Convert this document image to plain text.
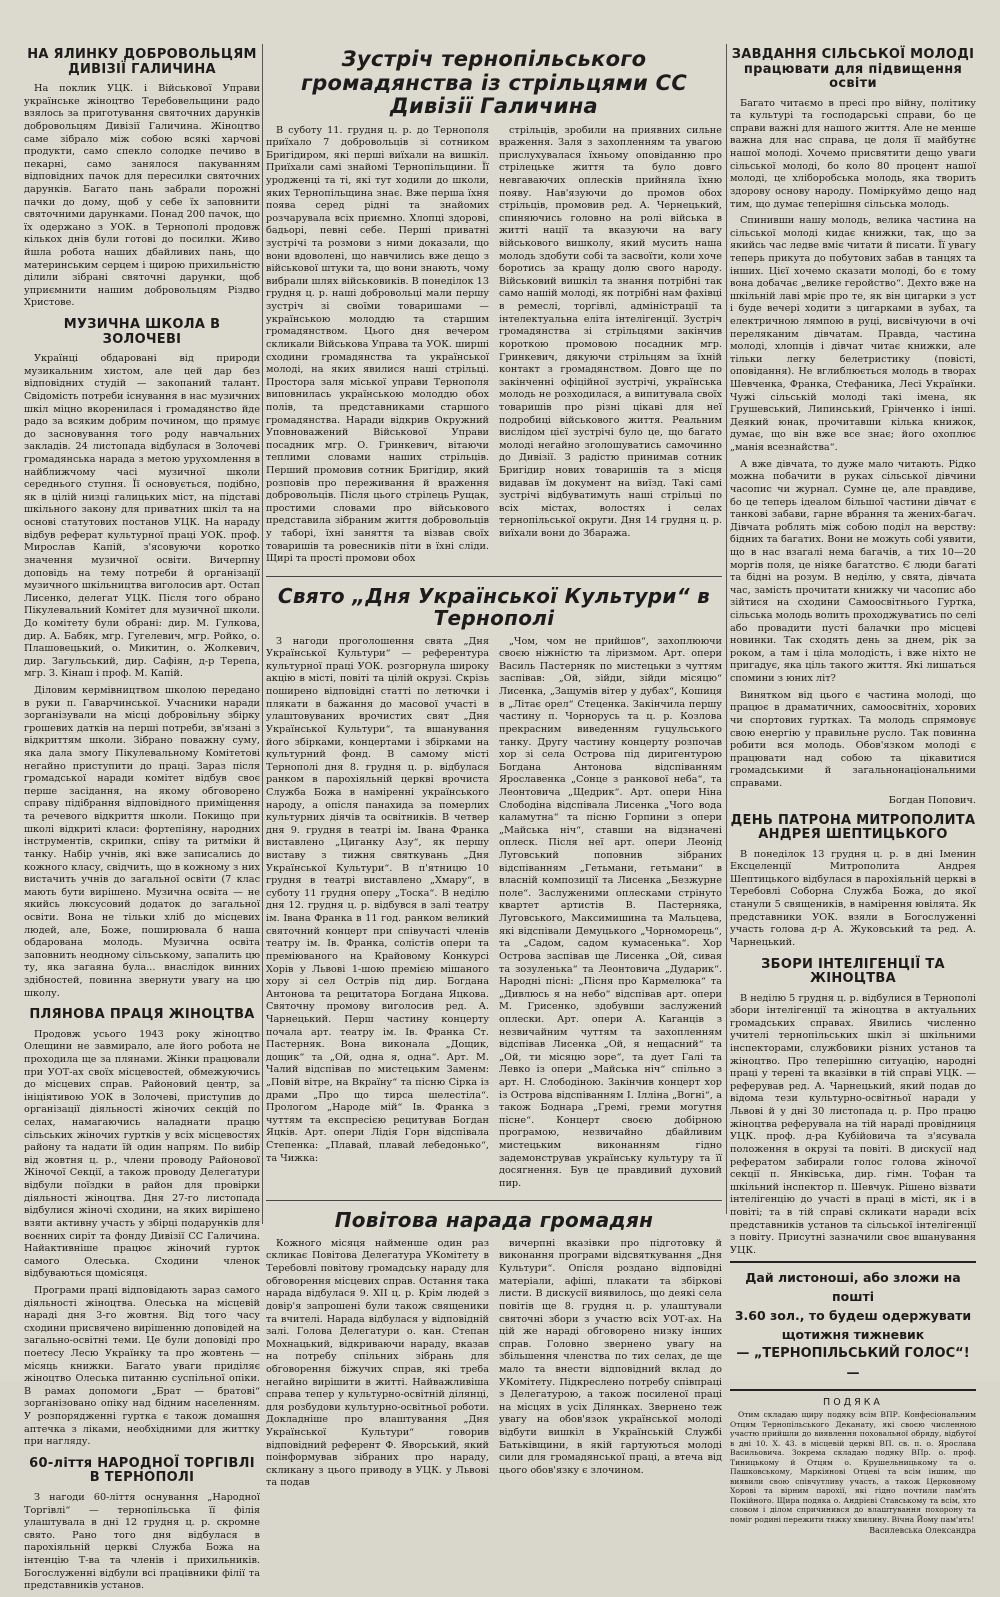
НА ЯЛИНКУ ДОБРОВОЛЬЦЯМ ДИВІЗІЇ ГАЛИЧИНА

На поклик УЦК. і Військової Управи українське жіноцтво Теребовельщини радо взялось за приготування святочних дарунків добровольцям Дивізії Галичина. Жіноцтво саме зібрало між собою всякі харчові продукти, само спекло солодке печиво в пекарні, само занялося пакуванням відповідних пачок для пересилки святочних дарунків. Багато пань забрали порожні пачки до дому, щоб у себе їх заповнити святочними дарунками. Понад 200 пачок, що їх одержано з УОК. в Тернополі продовж кількох днів були готові до посилки. Живо йшла робота наших дбайливих пань, що материнським серцем і щирою прихильністю ділили зібрані святочні дарунки, щоб уприємнити нашим добровольцям Різдво Христове.

МУЗИЧНА ШКОЛА В ЗОЛОЧЕВІ

Українці обдаровані від природи музикальним хистом, але цей дар без відповідних студій — закопаний талант. Свідомість потреби існування в нас музичних шкіл міцно вкоренилася і громадянство йде радо за всяким добрим почином, що прямує до засновування того роду навчальних закладів. 24 листопада відбулася в Золочеві громадянська нарада з метою урухомлення в найближчому часі музичної школи середнього ступня. Її основується, подібно, як в цілій низці галицьких міст, на підставі шкільного закону для приватних шкіл та на основі статутових постанов УЦК. На нараду відбув реферат культурної праці УОК. проф. Мирослав Капій, з'ясовуючи коротко значення музичної освіти. Вичерпну доповідь на тему потреби й організації музичного шкільництва виголосив арт. Остап Лисенко, делегат УЦК. Після того обрано Пікулевальний Комітет для музичної школи. До комітету були обрані: дир. М. Гулкова, дир. А. Бабяк, мгр. Гугелевич, мгр. Ройко, о. Плашовецький, о. Микитин, о. Жолкевич, дир. Загульський, дир. Сафіян, д-р Терепа, мгр. З. Кінаш і проф. М. Капій.

Діловим кермівництвом школою передано в руки п. Гаварчинської. Учасники наради зорганізували на місці добровільну збірку грошевих датків на перші потреби, зв'язані з відкриттям школи. Зібрано поважну суму, яка дала змогу Пікулевальному Комітетові негайно приступити до праці. Зараз після громадської наради комітет відбув своє перше засідання, на якому обговорено справу підібрання відповідного приміщення та речевого відкриття школи. Покищо при школі відкриті класи: фортепіяну, народних інструментів, скрипки, співу та ритміки й танку. Набір учнів, які вже записались до кожного класу, свідчить, що в кожному з них вистачить учнів до загальної освіти (7 клас мають бути вирішено. Музична освіта — не якийсь люксусовий додаток до загальної освіти. Вона не тільки хліб до місцевих людей, але, Боже, поширювала б наша обдарована молодь. Музична освіта заповнить неодному сільському, запалить цю ту, яка загаяна була... внаслідок винних здібностей, повинна звернути увагу на цю школу.

ПЛЯНОВА ПРАЦЯ ЖІНОЦТВА

Продовж усього 1943 року жіноцтво Олещини не завмирало, але його робота не проходила ще за плянами. Жінки працювали при УОТ-ах своїх місцевостей, обмежуючись до місцевих справ. Районовий центр, за ініціятивою УОК в Золочеві, приступив до організації діяльності жіночих секцій по селах, намагаючись наладнати працю сільських жіночих гуртків у всіх місцевостях району та надати їй один напрям. По вибір від жовтня ц. р., члени проводу Районової Жіночої Секції, а також проводу Делегатури відбули поїздки в район для провірки діяльності жіноцтва. Дня 27-го листопада відбулися жіночі сходини, на яких вирішено взяти активну участь у збірці подарунків для воєнних сиріт та фонду Дивізії СС Галичина. Найактивніше працює жіночий гурток самого Олеська. Сходини членок відбуваються щомісяця.

Програми праці відповідають зараз самого діяльності жіноцтва. Олеська на місцевій нараді дня 3-го жовтня. Від того часу сходини присвячено вирішенню доповідей на загально-освітні теми. Це були доповіді про поетесу Лесю Українку та про жовтень — місяць книжки. Багато уваги приділяє жіноцтво Олеська питанню суспільної опіки. В рамах допомоги „Брат — братові“ зорганізовано опіку над бідним населенням. У розпорядженні гуртка є також домашня аптечка з ліками, необхідними для життку при нагляду.

60-ліття НАРОДНОЇ ТОРГІВЛІ В ТЕРНОПОЛІ

З нагоди 60-ліття оснування „Народної Торгівлі“ — тернопільська її філія улаштувала в дні 12 грудня ц. р. скромне свято. Рано того дня відбулася в парохіяльній церкві Служба Божа на інтенцію Т-ва та членів і прихильників. Богослуженні відбули всі працівники філії та представників установ.

Зустріч тернопільського громадянства із стрільцями СС Дивізії Галичина

В суботу 11. грудня ц. р. до Тернополя приїхало 7 добровольців зі сотником Бригідиром, які перші виїхали на вишкіл. Приїхали самі знайомі Тернопільщини. Її уродженці та ті, які тут ходили до школи, яких Тернопільщина знає. Вже перша їхня поява серед рідні та знайомих розчарувала всіх приємно. Хлопці здорові, бадьорі, певні себе. Перші приватні зустрічі та розмови з ними доказали, що вони вдоволені, що навчились вже дещо з військової штуки та, що вони знають, чому вибрали шлях військовиків. В понеділок 13 грудня ц. р. наші добровольці мали першу зустріч зі своїми товаришами — українською молоддю та старшим громадянством. Цього дня вечером скликали Військова Управа та УОК. ширші сходини громадянства та української молоді, на яких явилися наші стрільці. Простора заля міської управи Тернополя виповнилась українською молоддю обох полів, та представниками старшого громадянства. Наради відкрив Окружний Уповноважений Військової Управи посадник мгр. О. Гринкевич, вітаючи теплими словами наших стрільців. Перший промовив сотник Бригідир, який розповів про переживання й враження добровольців. Після цього стрілець Рущак, простими словами про військового представила зібраним життя добровольців у таборі, їхні заняття та візвав своїх товаришів та ровесників піти в їхні сліди. Щирі та прості промови обох

стрільців, зробили на приявних сильне враження. Заля з захопленням та увагою прислухувалася їхньому оповіданню про стрілецьке життя та було довго невгаваючих оплесків прийняла їхню появу. Нав'язуючи до промов обох стрільців, промовив ред. А. Чернецький, спиняючись головно на ролі війська в житті нації та вказуючи на вагу військового вишколу, який мусить наша молодь здобути собі та засвоїти, коли хоче боротись за кращу долю свого народу. Військовий вишкіл та знання потрібні так само нашій молоді, як потрібні нам фахівці в ремеслі, торгівлі, адміністрації та інтелектуальна еліта інтелігенції. Зустріч громадянства зі стрільцями закінчив короткою промовою посадник мгр. Гринкевич, дякуючи стрільцям за їхній контакт з громадянством. Довго ще по закінченні офіційної зустрічі, українська молодь не розходилася, а випитувала своїх товаришів про різні цікаві для неї подробиці військового життя. Реальним вислідом цієї зустрічі було це, що багато молоді негайно зголошуватись самочинно до Дивізії. З радістю принимав сотник Бригідир нових товаришів та з місця видавав їм документ на виїзд. Такі самі зустрічі відбуватимуть наші стрільці по всіх містах, волостях і селах тернопільської округи. Дня 14 грудня ц. р. виїхали вони до Збаража.

Свято „Дня Української Культури“ в Тернополі

З нагоди проголошення свята „Дня Української Культури“ — референтура культурної праці УОК. розгорнула широку акцію в місті, повіті та цілій окрузі. Скрізь поширено відповідні статті по летючки і плякати в бажання до масової участі в улаштовуваних врочистих свят „Дня Української Культури“, та вшанування його збірками, концертами і збірками на культурний фонд. В самому місті Тернополі дня 8. грудня ц. р. відбулася ранком в парохіяльній церкві врочиста Служба Божа в наміренні українського народу, а опісля панахида за померлих культурних діячів та освітників. В четвер дня 9. грудня в театрі ім. Івана Франка виставлено „Циганку Азу“, як першу виставу з тижня святкувань „Дня Української Культури“. В п'ятницю 10 грудня в театрі виставлено „Хмару“, в суботу 11 грудня оперу „Тоска“. В неділю дня 12. грудня ц. р. відбувся в залі театру ім. Івана Франка в 11 год. ранком великий святочний концерт при співучасті членів театру ім. Ів. Франка, солістів опери та преміюваного на Крайовому Конкурсі Хорів у Львові 1-шою премією мішаного хору зі сел Острів під дир. Богдана Антонова та рецитатора Богдана Яцкова. Святочну промову виголосив ред. А. Чарнецький. Перш частину концерту почала арт. театру ім. Ів. Франка Ст. Пастерняк. Вона виконала „Дощик, дощик“ та „Ой, одна я, одна“. Арт. М. Чалий відспівав по мистецьким Заменм: „Повій вітре, на Вкраїну“ та пісню Сірка із драми „Про що тирса шелестіла“. Прологом „Народе мій“ Ів. Франка з чуттям та експресією рецитував Богдан Яцків. Арт. опери Лідія Горн відспівала Степенка: „Плавай, плавай лебедонько“, та Чижка:

„Чом, чом не прийшов“, захоплюючи своєю ніжністю та ліризмом. Арт. опери Василь Пастерняк по мистецьки з чуттям заспівав: „Ой, зійди, зійди місяцю“ Лисенка, „Защумів вітер у дубах“, Кошиця в „Літає орел“ Стеценка. Закінчила першу частину п. Чорнорусь та ц. р. Козлова прекрасним виведенням гуцульського танку. Другу частину концерту розпочав хор зі села Острова під диригентурою Богдана Антонова відспіванням Ярославенка „Сонце з ранкової неба“, та Леонтовича „Щедрик“. Арт. опери Ніна Слободіна відспівала Лисенка „Чого вода каламутна“ та пісню Горпини з опери „Майська ніч“, ставши на відзначені оплеск. Після неї арт. опери Леонід Луговський поповнив зібраних відспіванням „Гетьмани, гетьмани“ в власній композиції та Лисенка „Безжурне поле“. Заслуженими оплесками стрінуто квартет артистів В. Пастерняка, Луговського, Максимишина та Мальцева, які відспівали Демуцького „Чорноморець“, та „Садом, садом кумасенька“. Хор Острова заспівав ще Лисенка „Ой, сивая та зозуленька“ та Леонтовича „Дударик“. Народні пісні: „Пісня про Кармелюка“ та „Дивлюсь я на небо“ відспівав арт. опери М. Грисенко, здобувши заслужений оплески. Арт. опери А. Каганців з незвичайним чуттям та захопленням відспівав Лисенка „Ой, я нещасний“ та „Ой, ти місяцю зоре“, та дует Галі та Левко із опери „Майська ніч“ спільно з арт. Н. Слободіною. Закінчив концерт хор із Острова відспіванням І. Ілліна „Вогні“, а також Боднара „Гремі, греми могутня пісне“. Концерт своєю добірною програмою, незвичайно дбайливим мистецьким виконанням гідно задемонстрував українську культуру та її досягнення. Був це правдивий духовий пир.

Повітова нарада громадян

Кожного місяця найменше один раз скликає Повітова Делегатура УКомітету в Теребовлі повітову громадську нараду для обговорення місцевих справ. Остання така нарада відбулася 9. XII ц. р. Крім людей з довір'я запрошені були також священики та вчителі. Нарада відбулася у відповідній залі. Голова Делегатури о. кан. Степан Мохнацький, відкриваючи нараду, вказав на потребу спільних зібрань для обговорення біжучих справ, які треба негайно вирішити в житті. Найважливіша справа тепер у культурно-освітній ділянці, для розбудови культурно-освітньої роботи. Докладніше про влаштування „Дня Української Культури“ говорив відповідний референт Ф. Яворський, який поінформував зібраних про нараду, скликану з цього приводу в УЦК. у Львові та подав

вичерпні вказівки про підготовку й виконання програми відсвяткування „Дня Культури“. Опісля роздано відповідні матеріали, афіші, плакати та збіркові листи. В дискусії виявилось, що деякі села повітів ще 8. грудня ц. р. улаштували святочні збори з участю всіх УОТ-ах. На цій же нараді обговорено низку інших справ. Головно звернено увагу на збільшення членства по тих селах, де ще мало та внести відповідний вклад до УКомітету. Підкреслено потребу співпраці з Делегатурою, а також посиленої праці на місцях в усіх Ділянках. Звернено теж увагу на обов'язок української молоді відбути вишкіл в Українській Службі Батьківщини, в якій гартуються молоді сили для громадянської праці, а втеча від цього обов'язку є злочином.

ЗАВДАННЯ СІЛЬСЬКОЇ МОЛОДІ працювати для підвищення освіти

Багато читаємо в пресі про війну, політику та культурі та господарські справи, бо це справи важні для нашого життя. Але не менше важна для нас справа, це доля її майбутнє нашої молоді. Хочемо присвятити дещо уваги сільської молоді, бо коло 80 процент нашої молоді, це хліборобська молодь, яка творить здорову основу народу. Поміркуймо дещо над тим, що думає теперішня сільська молодь.

Спинивши нашу молодь, велика частина на сільської молоді кидає книжки, так, що за якийсь час ледве вміє читати й писати. Її увагу теперь прикута до побутових забав в танцях та інших. Цієї хочемо сказати молоді, бо є тому вона добачає „велике геройство“. Дехто вже на шкільній лаві мріє про те, як він цигарки з уст і буде вечері ходити з цигарками в зубах, та електричною лямпою в руці, висвічуючи в очі переляканим дівчатам. Правда, частина молоді, хлопців і дівчат читає книжки, але тільки легку белетристику (повісті, оповідання). Не вглиблюється молодь в творах Шевченка, Франка, Стефаника, Лесі Українки. Чужі сільській молоді такі імена, як Грушевський, Липинський, Грінченко і інші. Деякий юнак, прочитавши кілька книжок, думає, що він вже все знає; його охоплює „манія всезнайства“.

А вже дівчата, то дуже мало читають. Рідко можна побачити в руках сільської дівчини часопис чи журнал. Сумне це, але правдиве, бо це теперь ідеалом більшої частини дівчат є танкові забави, гарне вбрання та жених-багач. Дівчата роблять між собою поділ на верству: бідних та багатих. Вони не можуть собі уявити, що в нас взагалі нема багачів, а тих 10—20 моргів поля, це ніяке багатство. Є люди багаті та бідні на розум. В неділю, у свята, дівчата час, замість прочитати книжку чи часопис або зійтися на сходини Самоосвітнього Гуртка, сільська молодь волить проходжуватись по селі або провадити пусті балачки про місцеві новинки. Так сходять день за днем, рік за роком, а там і ціла молодість, і вже ніхто не пригадує, яка ціль такого життя. Які лишаться спомини з юних літ?

Винятком від цього є частина молоді, що працює в драматичних, самоосвітніх, хорових чи спортових гуртках. Та молодь спрямовує свою енергію у правильне русло. Так повинна робити вся молодь. Обов'язком молоді є працювати над собою та цікавитися громадськими й загальнонаціональними справами.

Богдан Попович.
ДЕНЬ ПАТРОНА МИТРОПОЛИТА АНДРЕЯ ШЕПТИЦЬКОГО

В понеділок 13 грудня ц. р. в дні Іменин Ексцеленції Митрополита Андрея Шептицького відбулася в парохіяльній церкві в Теребовлі Соборна Служба Божа, до якої станули 5 священиків, в намірення ювілята. Як представники УОК. взяли в Богослуженні участь голова д-р А. Жуковський та ред. А. Чарнецький.

ЗБОРИ ІНТЕЛІГЕНЦІЇ ТА ЖІНОЦТВА

В неділю 5 грудня ц. р. відбулися в Тернополі збори інтелігенції та жіноцтва в актуальних громадських справах. Явились численно учителі тернопільських шкіл зі шкільними інспекторами, службовики різних установ та жіноцтво. Про теперішню ситуацію, народні праці у терені та вказівки в тій справі УЦК. — реферував ред. А. Чарнецький, який подав до відома тези культурно-освітньої наради у Львові й у дні 30 листопада ц. р. Про працю жіноцтва реферувала на тій нараді провідниця УЦК. проф. д-ра Кубійовича та з'ясувала положення в окрузі та повіті. В дискусії над рефератом забирали голос голова жіночої секції п. Янківська, дир. гімн. Тофан та шкільний інспектор п. Шевчук. Рішено візвати інтелігенцію до участі в праці в місті, як і в повіті; та в тій справі скликати наради всіх представників установ та сільської інтелігенції з повіту. Присутні зазначили своє вшанування УЦК.

Дай листоноші, або зложи на пошті
3.60 зол., то будеш одержувати щотижня тижневик
— „ТЕРНОПІЛЬСЬКИЙ ГОЛОС“! —
ПОДЯКА

Отим складаю щиру подяку всім ВПР. Конфесіональним Отцям Тернопільського Деканату, які своєю численною участю прийшли до виявлення поховальної обряду, відбутої в дні 10. X. 43. в місцевій церкві ВП. св. п. о. Ярослава Васильовича. Зокрема складаю подяку ВПр. о. проф. Тиницькому й Отцям о. Крушельницькому та о. Пашковському, Маркіянові Отцеві та всім іншим, що виявили свою співчутливу участь, а також Церковному Хорові та вірним парохії, які гідно почтили пам'ять Покійного. Щира подяка о. Андрієві Ставському та всім, хто словом і ділом спричинився до влаштування похорону та поміг родині пережити тяжку хвилину. Вічна Йому пам'ять!

Василевська Олександра
